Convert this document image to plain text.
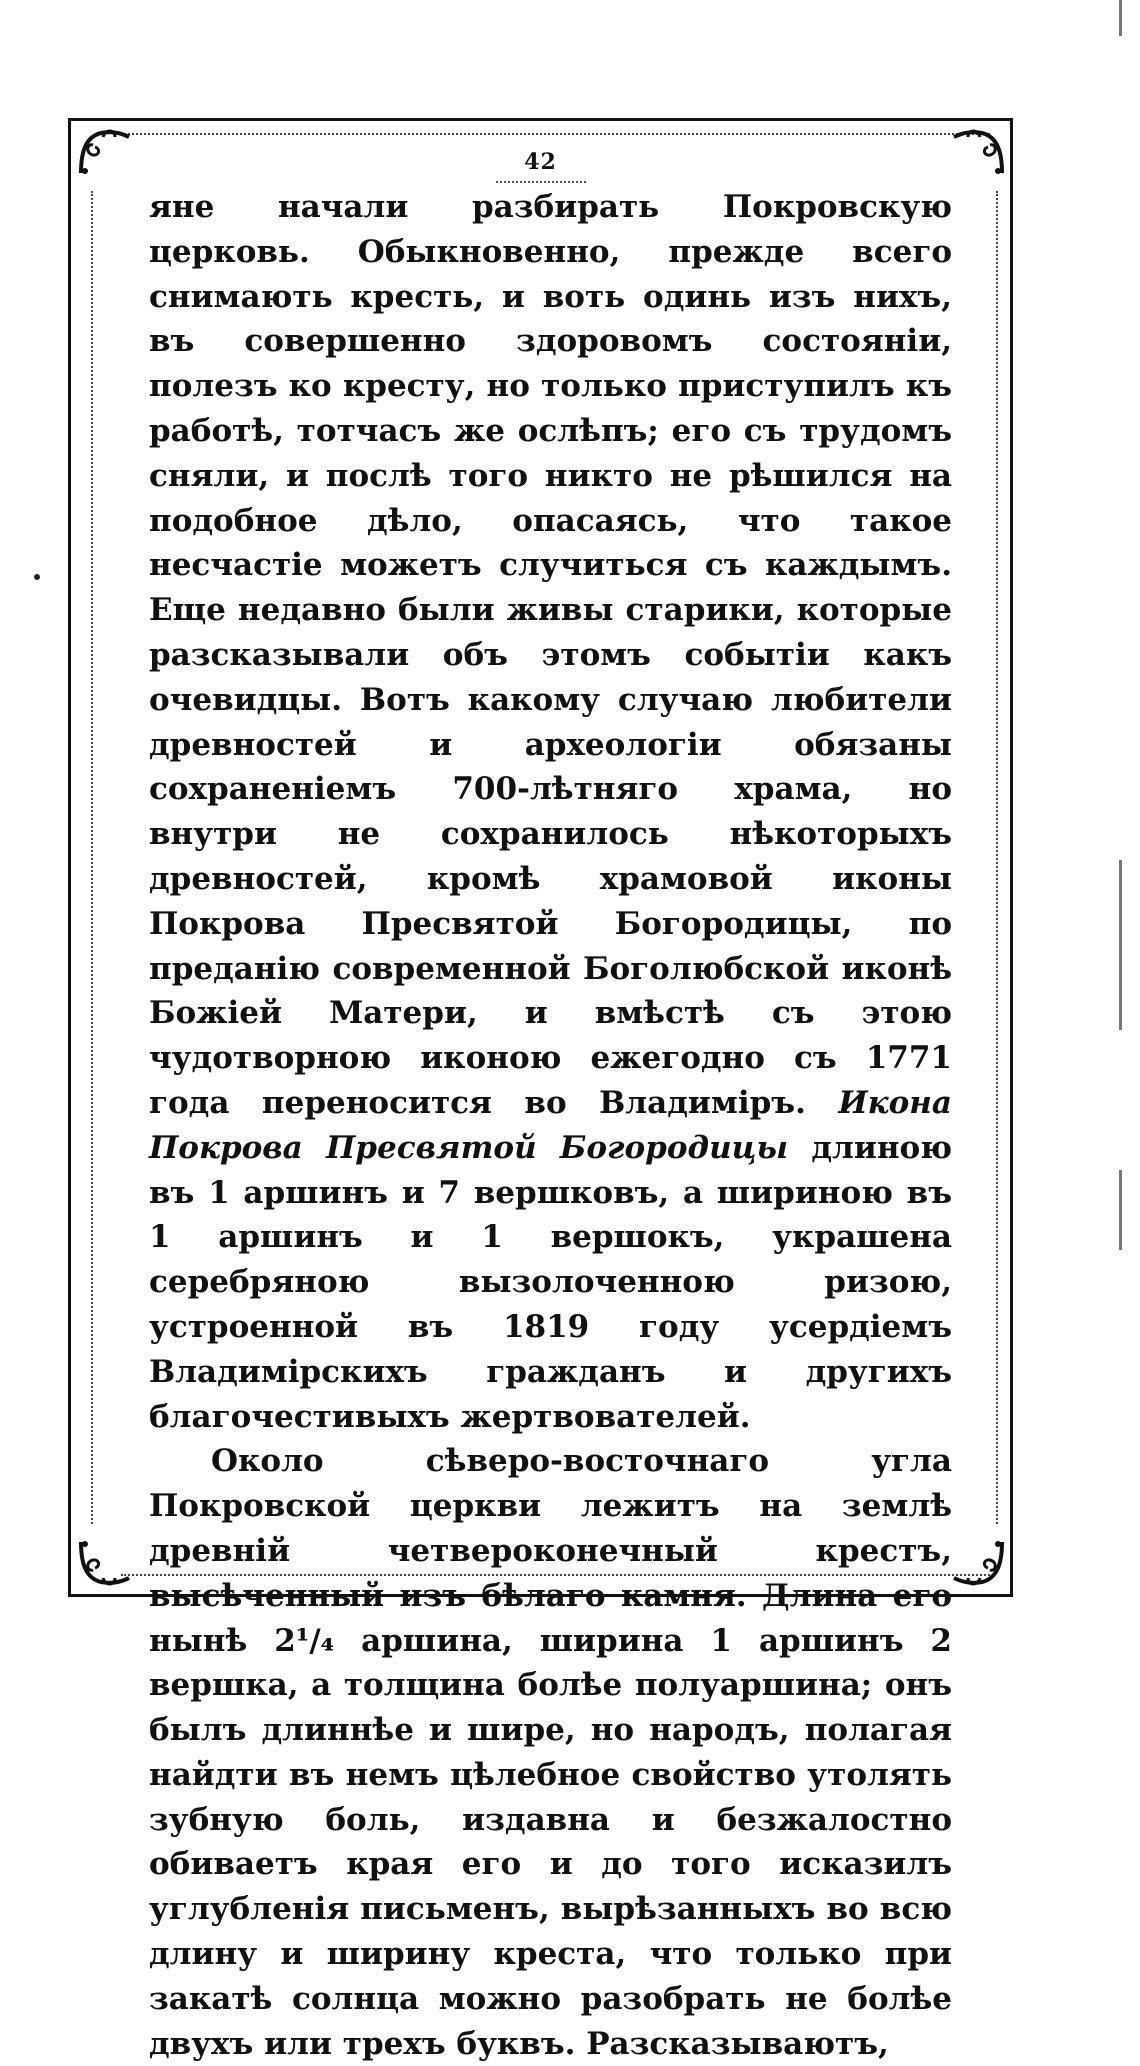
42

яне начали разбирать Покровскую церковь. Обыкновенно, прежде всего снимають кресть, и воть одинь изъ нихъ, въ совершенно здоровомъ состояніи, полезъ ко кресту, но только приступилъ къ работѣ, тотчасъ же ослѣпъ; его съ трудомъ сняли, и послѣ того никто не рѣшился на подобное дѣло, опасаясь, что такое несчастіе можетъ случиться съ каждымъ. Еще недавно были живы старики, которые разсказывали объ этомъ событіи какъ очевидцы. Вотъ какому случаю любители древностей и археологіи обязаны сохраненіемъ 700-лѣтняго храма, но внутри не сохранилось нѣкоторыхъ древностей, кромѣ храмовой иконы Покрова Пресвятой Богородицы, по преданію современной Боголюбской иконѣ Божіей Матери, и вмѣстѣ съ этою чудотворною иконою ежегодно съ 1771 года переносится во Владиміръ. Икона Покрова Пресвятой Богородицы длиною въ 1 аршинъ и 7 вершковъ, а шириною въ 1 аршинъ и 1 вершокъ, украшена серебряною вызолоченною ризою, устроенной въ 1819 году усердіемъ Владимірскихъ гражданъ и другихъ благочестивыхъ жертвователей.

Около сѣверо-восточнаго угла Покровской церкви лежитъ на землѣ древній четвероконечный крестъ, высѣченный изъ бѣлаго камня. Длина его нынѣ 2¹/₄ аршина, ширина 1 аршинъ 2 вершка, а толщина болѣе полуаршина; онъ былъ длиннѣе и шире, но народъ, полагая найдти въ немъ цѣлебное свойство утолять зубную боль, издавна и безжалостно обиваетъ края его и до того исказилъ углубленія письменъ, вырѣзанныхъ во всю длину и ширину креста, что только при закатѣ солнца можно разобрать не болѣе двухъ или трехъ буквъ. Разсказываютъ,
